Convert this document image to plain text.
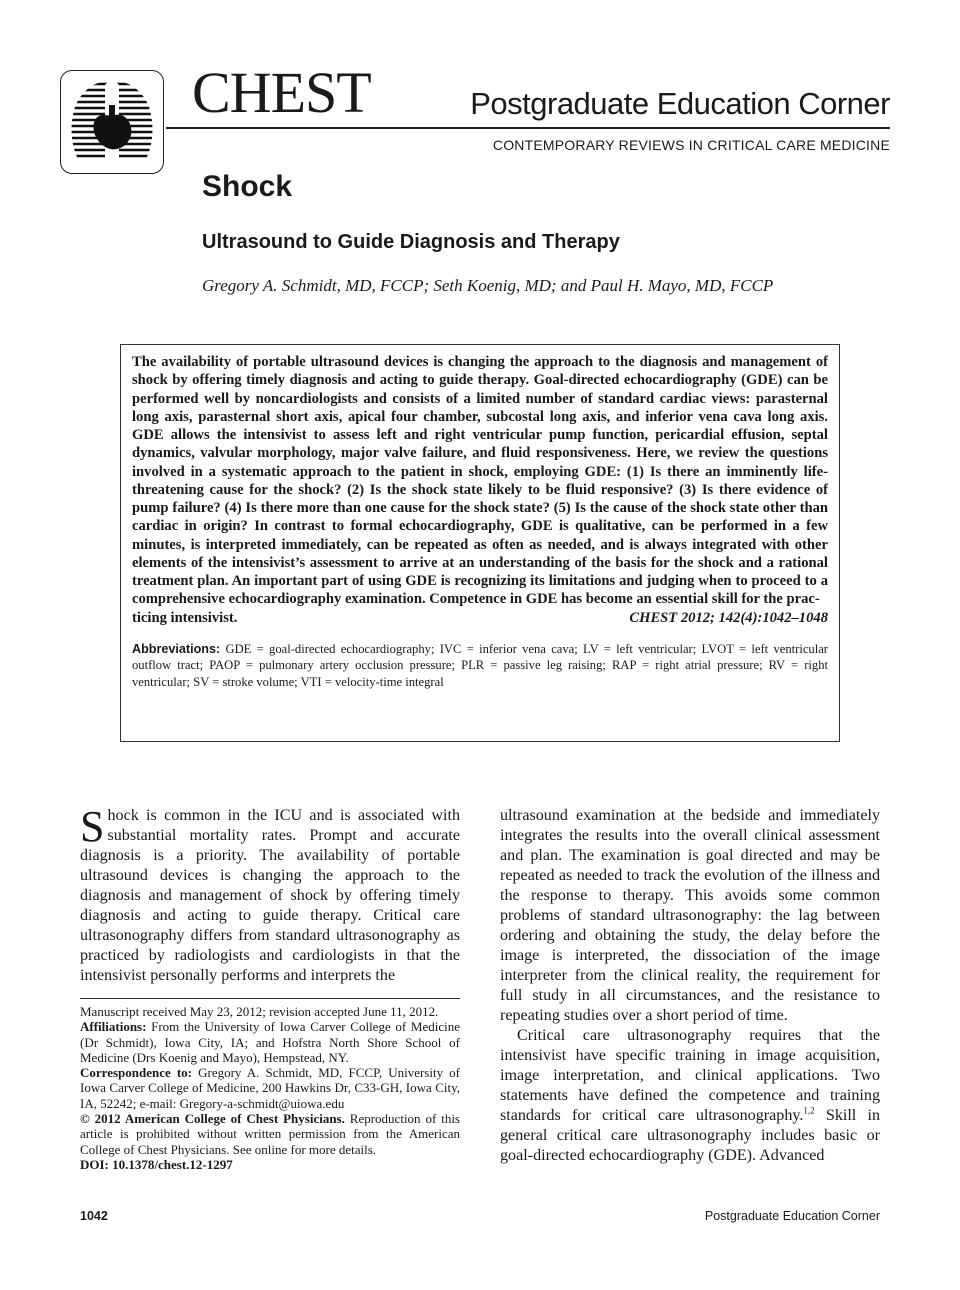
CHEST	Postgraduate Education Corner
CONTEMPORARY REVIEWS IN CRITICAL CARE MEDICINE
Shock
Ultrasound to Guide Diagnosis and Therapy
Gregory A. Schmidt, MD, FCCP; Seth Koenig, MD; and Paul H. Mayo, MD, FCCP

The availability of portable ultrasound devices is changing the approach to the diagnosis and management of shock by offering timely diagnosis and acting to guide therapy. Goal-directed echocardiography (GDE) can be performed well by noncardiologists and consists of a limited number of standard cardiac views: parasternal long axis, parasternal short axis, apical four chamber, subcostal long axis, and inferior vena cava long axis. GDE allows the intensivist to assess left and right ventricular pump function, pericardial effusion, septal dynamics, valvular morphology, major valve failure, and fluid responsiveness. Here, we review the questions involved in a systematic approach to the patient in shock, employing GDE: (1) Is there an imminently life-threatening cause for the shock? (2) Is the shock state likely to be fluid responsive? (3) Is there evidence of pump failure? (4) Is there more than one cause for the shock state? (5) Is the cause of the shock state other than cardiac in origin? In contrast to formal echocardiography, GDE is qualitative, can be performed in a few minutes, is interpreted immediately, can be repeated as often as needed, and is always integrated with other elements of the intensivist’s assessment to arrive at an understanding of the basis for the shock and a rational treatment plan. An important part of using GDE is recognizing its limitations and judging when to proceed to a comprehensive echocardiography examination. Competence in GDE has become an essential skill for the prac-

ticing intensivist.	CHEST 2012; 142(4):1042–1048
Abbreviations: GDE = goal-directed echocardiography; IVC = inferior vena cava; LV = left ventricular; LVOT = left ventricular outflow tract; PAOP = pulmonary artery occlusion pressure; PLR = passive leg raising; RAP = right atrial pressure; RV = right ventricular; SV = stroke volume; VTI = velocity-time integral

Shock is common in the ICU and is associated with substantial mortality rates. Prompt and accurate diagnosis is a priority. The availability of portable ultrasound devices is changing the approach to the diagnosis and management of shock by offering timely diagnosis and acting to guide therapy. Critical care ultrasonography differs from standard ultrasonography as practiced by radiologists and cardiologists in that the intensivist personally performs and interprets the

Manuscript received May 23, 2012; revision accepted June 11, 2012.

Affiliations: From the University of Iowa Carver College of Medicine (Dr Schmidt), Iowa City, IA; and Hofstra North Shore School of Medicine (Drs Koenig and Mayo), Hempstead, NY.

Correspondence to: Gregory A. Schmidt, MD, FCCP, University of Iowa Carver College of Medicine, 200 Hawkins Dr, C33-GH, Iowa City, IA, 52242; e-mail: Gregory-a-schmidt@uiowa.edu

© 2012 American College of Chest Physicians. Reproduction of this article is prohibited without written permission from the American College of Chest Physicians. See online for more details.

DOI: 10.1378/chest.12-1297

ultrasound examination at the bedside and immediately integrates the results into the overall clinical assessment and plan. The examination is goal directed and may be repeated as needed to track the evolution of the illness and the response to therapy. This avoids some common problems of standard ultrasonography: the lag between ordering and obtaining the study, the delay before the image is interpreted, the dissociation of the image interpreter from the clinical reality, the requirement for full study in all circumstances, and the resistance to repeating studies over a short period of time.

Critical care ultrasonography requires that the intensivist have specific training in image acquisition, image interpretation, and clinical applications. Two statements have defined the competence and training standards for critical care ultrasonography.$^{1,2}$ Skill in general critical care ultrasonography includes basic or goal-directed echocardiography (GDE). Advanced

1042	Postgraduate Education Corner
